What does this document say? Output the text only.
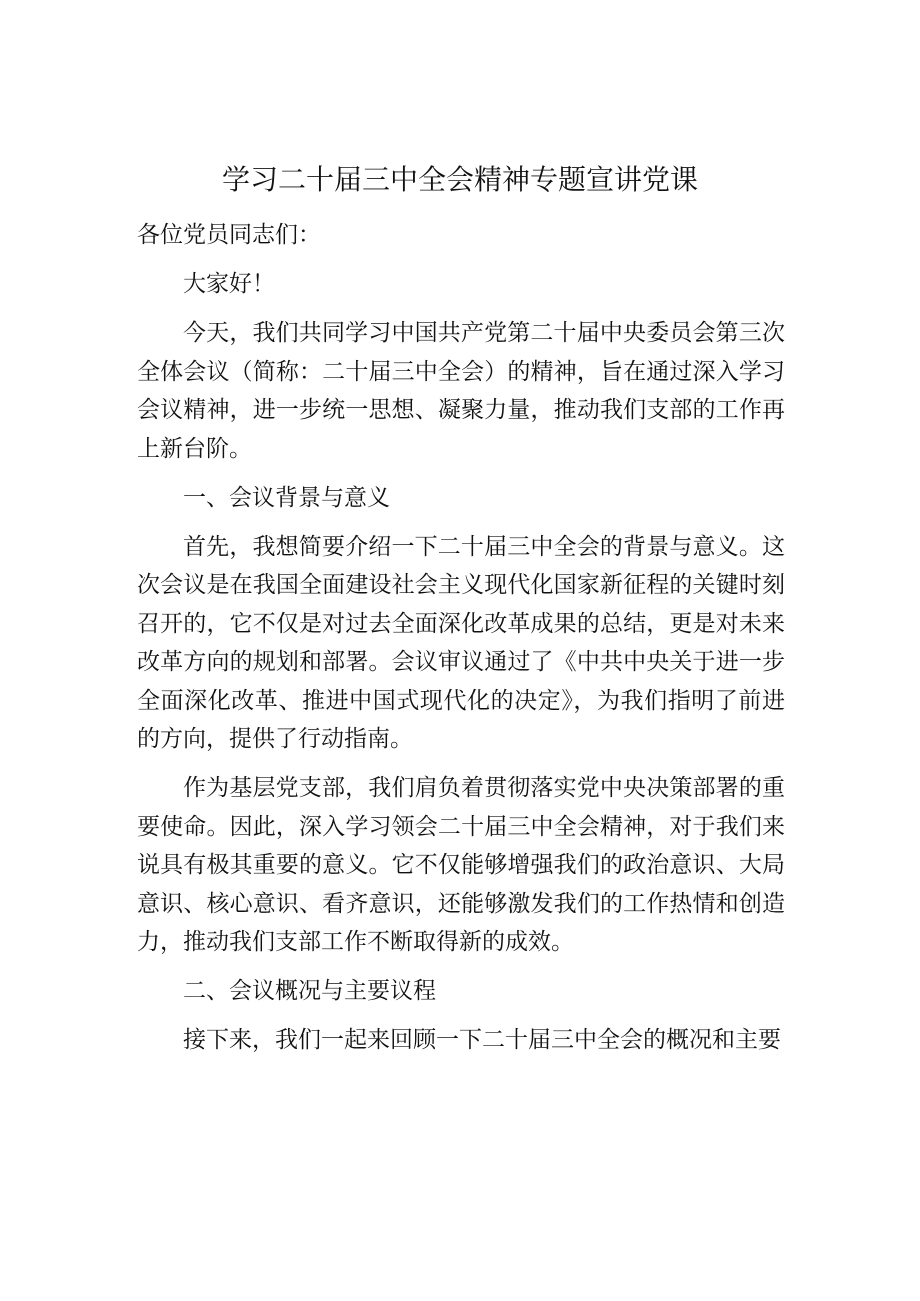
学习二十届三中全会精神专题宣讲党课

各位党员同志们：

大家好！

今天，我们共同学习中国共产党第二十届中央委员会第三次全体会议（简称：二十届三中全会）的精神，旨在通过深入学习会议精神，进一步统一思想、凝聚力量，推动我们支部的工作再上新台阶。

一、会议背景与意义

首先，我想简要介绍一下二十届三中全会的背景与意义。这次会议是在我国全面建设社会主义现代化国家新征程的关键时刻召开的，它不仅是对过去全面深化改革成果的总结，更是对未来改革方向的规划和部署。会议审议通过了《中共中央关于进一步全面深化改革、推进中国式现代化的决定》，为我们指明了前进的方向，提供了行动指南。

作为基层党支部，我们肩负着贯彻落实党中央决策部署的重要使命。因此，深入学习领会二十届三中全会精神，对于我们来说具有极其重要的意义。它不仅能够增强我们的政治意识、大局意识、核心意识、看齐意识，还能够激发我们的工作热情和创造力，推动我们支部工作不断取得新的成效。

二、会议概况与主要议程

接下来，我们一起来回顾一下二十届三中全会的概况和主要
